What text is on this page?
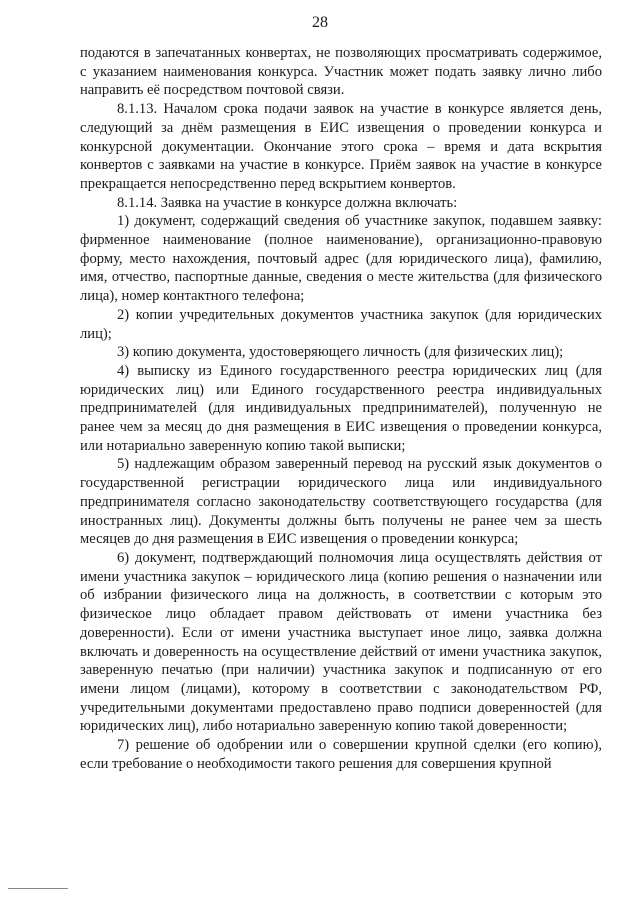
28

подаются в запечатанных конвертах, не позволяющих просматривать содержимое, с указанием наименования конкурса. Участник может подать заявку лично либо направить её посредством почтовой связи.

8.1.13. Началом срока подачи заявок на участие в конкурсе является день, следующий за днём размещения в ЕИС извещения о проведении конкурса и конкурсной документации. Окончание этого срока – время и дата вскрытия конвертов с заявками на участие в конкурсе. Приём заявок на участие в конкурсе прекращается непосредственно перед вскрытием конвертов.

8.1.14. Заявка на участие в конкурсе должна включать:

1) документ, содержащий сведения об участнике закупок, подавшем заявку: фирменное наименование (полное наименование), организационно-правовую форму, место нахождения, почтовый адрес (для юридического лица), фамилию, имя, отчество, паспортные данные, сведения о месте жительства (для физического лица), номер контактного телефона;

2) копии учредительных документов участника закупок (для юридических лиц);

3) копию документа, удостоверяющего личность (для физических лиц);

4) выписку из Единого государственного реестра юридических лиц (для юридических лиц) или Единого государственного реестра индивидуальных предпринимателей (для индивидуальных предпринимателей), полученную не ранее чем за месяц до дня размещения в ЕИС извещения о проведении конкурса, или нотариально заверенную копию такой выписки;

5) надлежащим образом заверенный перевод на русский язык документов о государственной регистрации юридического лица или индивидуального предпринимателя согласно законодательству соответствующего государства (для иностранных лиц). Документы должны быть получены не ранее чем за шесть месяцев до дня размещения в ЕИС извещения о проведении конкурса;

6) документ, подтверждающий полномочия лица осуществлять действия от имени участника закупок – юридического лица (копию решения о назначении или об избрании физического лица на должность, в соответствии с которым это физическое лицо обладает правом действовать от имени участника без доверенности). Если от имени участника выступает иное лицо, заявка должна включать и доверенность на осуществление действий от имени участника закупок, заверенную печатью (при наличии) участника закупок и подписанную от его имени лицом (лицами), которому в соответствии с законодательством РФ, учредительными документами предоставлено право подписи доверенностей (для юридических лиц), либо нотариально заверенную копию такой доверенности;

7) решение об одобрении или о совершении крупной сделки (его копию), если требование о необходимости такого решения для совершения крупной
